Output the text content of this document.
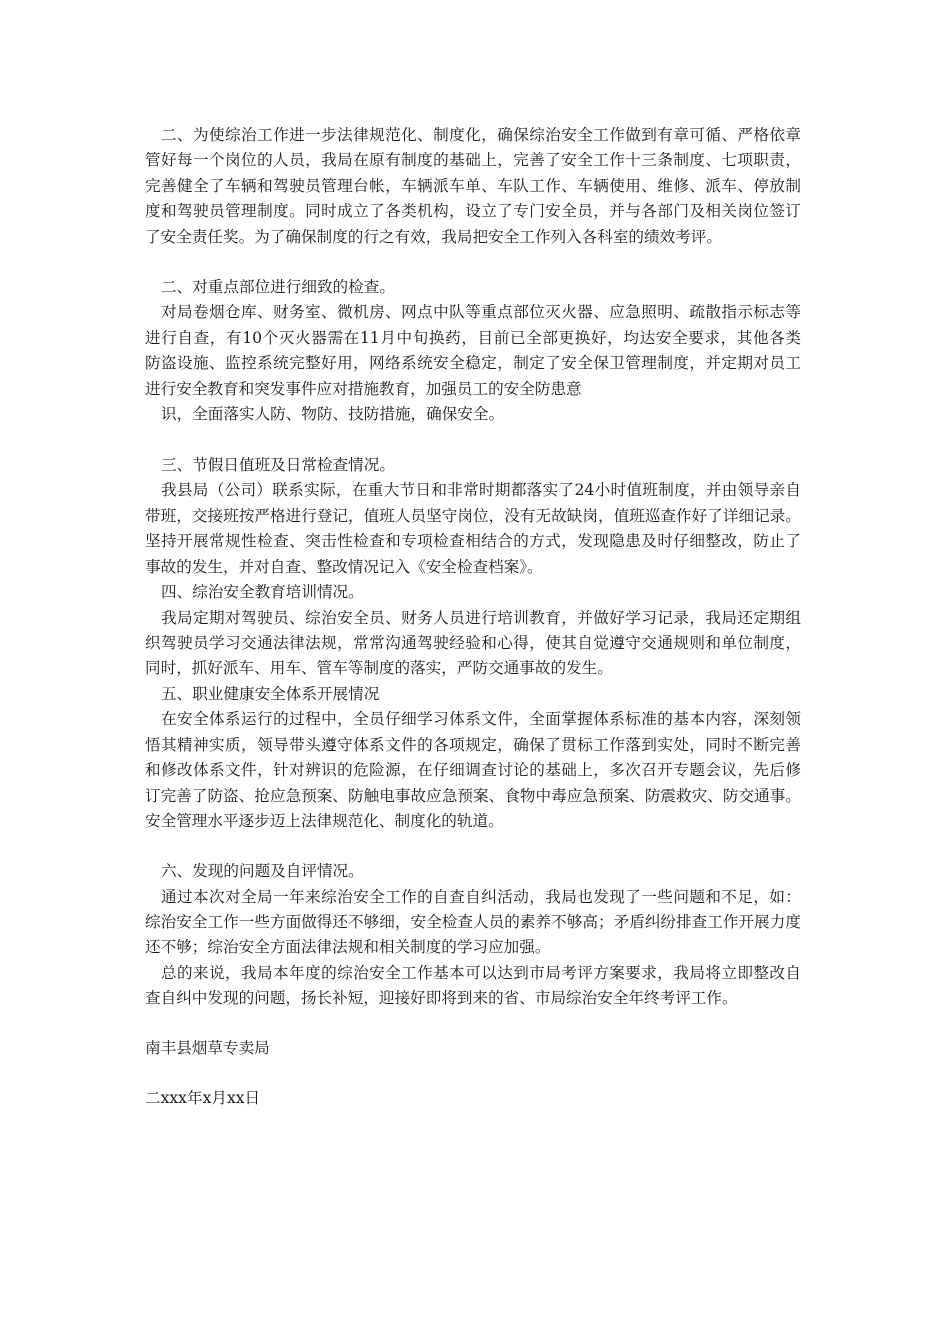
二、为使综治工作进一步法律规范化、制度化，确保综治安全工作做到有章可循、严格依章
管好每一个岗位的人员，我局在原有制度的基础上，完善了安全工作十三条制度、七项职责，
完善健全了车辆和驾驶员管理台帐，车辆派车单、车队工作、车辆使用、维修、派车、停放制
度和驾驶员管理制度。同时成立了各类机构，设立了专门安全员，并与各部门及相关岗位签订
了安全责任奖。为了确保制度的行之有效，我局把安全工作列入各科室的绩效考评。
二、对重点部位进行细致的检查。
对局卷烟仓库、财务室、微机房、网点中队等重点部位灭火器、应急照明、疏散指示标志等
进行自查，有10个灭火器需在11月中旬换药，目前已全部更换好，均达安全要求，其他各类
防盗设施、监控系统完整好用，网络系统安全稳定，制定了安全保卫管理制度，并定期对员工
进行安全教育和突发事件应对措施教育，加强员工的安全防患意
识，全面落实人防、物防、技防措施，确保安全。
三、节假日值班及日常检查情况。
我县局（公司）联系实际，在重大节日和非常时期都落实了24小时值班制度，并由领导亲自
带班，交接班按严格进行登记，值班人员坚守岗位，没有无故缺岗，值班巡查作好了详细记录。
坚持开展常规性检查、突击性检查和专项检查相结合的方式，发现隐患及时仔细整改，防止了
事故的发生，并对自查、整改情况记入《安全检查档案》。
四、综治安全教育培训情况。
我局定期对驾驶员、综治安全员、财务人员进行培训教育，并做好学习记录，我局还定期组
织驾驶员学习交通法律法规，常常沟通驾驶经验和心得，使其自觉遵守交通规则和单位制度，
同时，抓好派车、用车、管车等制度的落实，严防交通事故的发生。
五、职业健康安全体系开展情况
在安全体系运行的过程中，全员仔细学习体系文件，全面掌握体系标准的基本内容，深刻领
悟其精神实质，领导带头遵守体系文件的各项规定，确保了贯标工作落到实处，同时不断完善
和修改体系文件，针对辨识的危险源，在仔细调查讨论的基础上，多次召开专题会议，先后修
订完善了防盗、抢应急预案、防触电事故应急预案、食物中毒应急预案、防震救灾、防交通事。
安全管理水平逐步迈上法律规范化、制度化的轨道。
六、发现的问题及自评情况。
通过本次对全局一年来综治安全工作的自查自纠活动，我局也发现了一些问题和不足，如：
综治安全工作一些方面做得还不够细，安全检查人员的素养不够高；矛盾纠纷排查工作开展力度
还不够；综治安全方面法律法规和相关制度的学习应加强。
总的来说，我局本年度的综治安全工作基本可以达到市局考评方案要求，我局将立即整改自
查自纠中发现的问题，扬长补短，迎接好即将到来的省、市局综治安全年终考评工作。
南丰县烟草专卖局
二xxx年x月xx日
